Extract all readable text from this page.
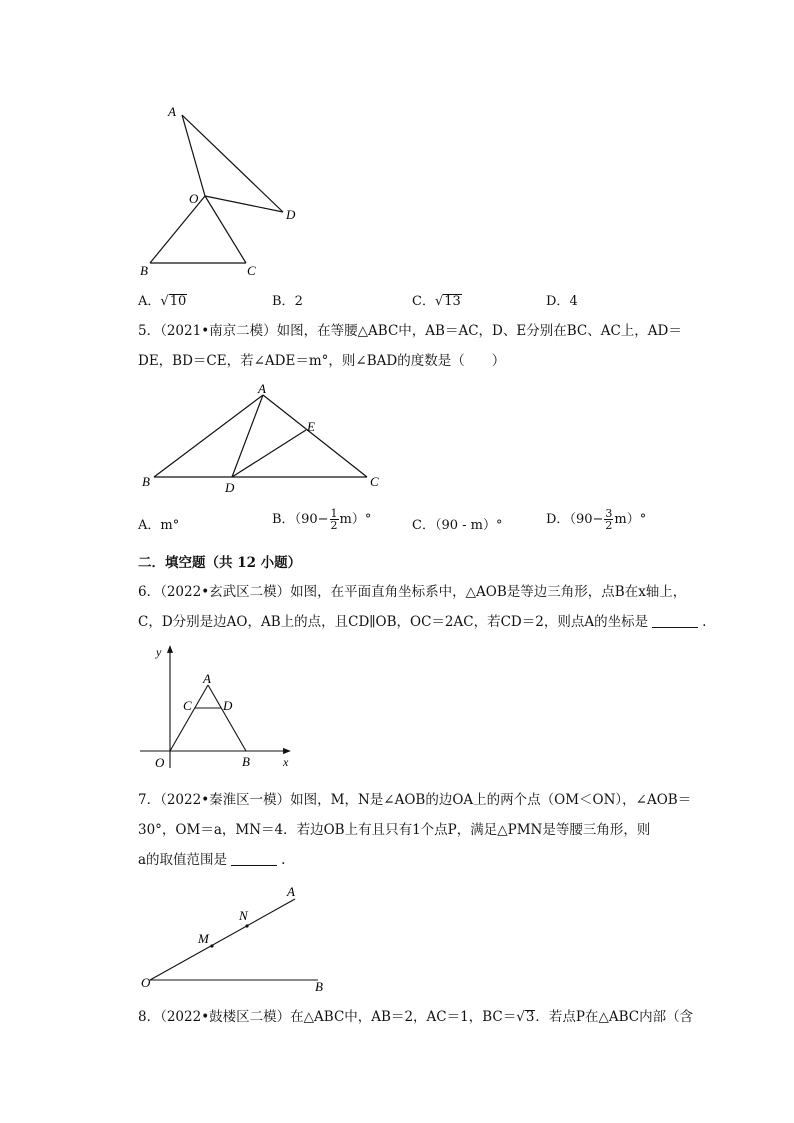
A
O
D
B	C
A．√10	B．2	C．√13	D．4
5．（2021•南京二模）如图，在等腰△ABC中，AB＝AC，D、E分别在BC、AC上，AD＝
DE，BD＝CE，若∠ADE＝m°，则∠BAD的度数是（　　）
A
E
B	D	C
A．m°	B．$(90- \frac{1}{2} m)^\circ$	C．（90 - m）°	D．$(90- \frac{3}{2} m)^\circ$
二．填空题（共 12 小题）
6．（2022•玄武区二模）如图，在平面直角坐标系中，△AOB是等边三角形，点B在x轴上，
C，D分别是边AO，AB上的点，且CD∥OB，OC＝2AC，若CD＝2，则点A的坐标是	.
y
A
C D
O	B	x
7．（2022•秦淮区一模）如图，M，N是∠AOB的边OA上的两个点（OM＜ON），∠AOB＝
30°，OM＝a，MN＝4．若边OB上有且只有1个点P，满足△PMN是等腰三角形，则
a的取值范围是	.
A
N
M
O	B
8．（2022•鼓楼区二模）在△ABC中，AB＝2，AC＝1，BC＝√3．若点P在△ABC内部（含
